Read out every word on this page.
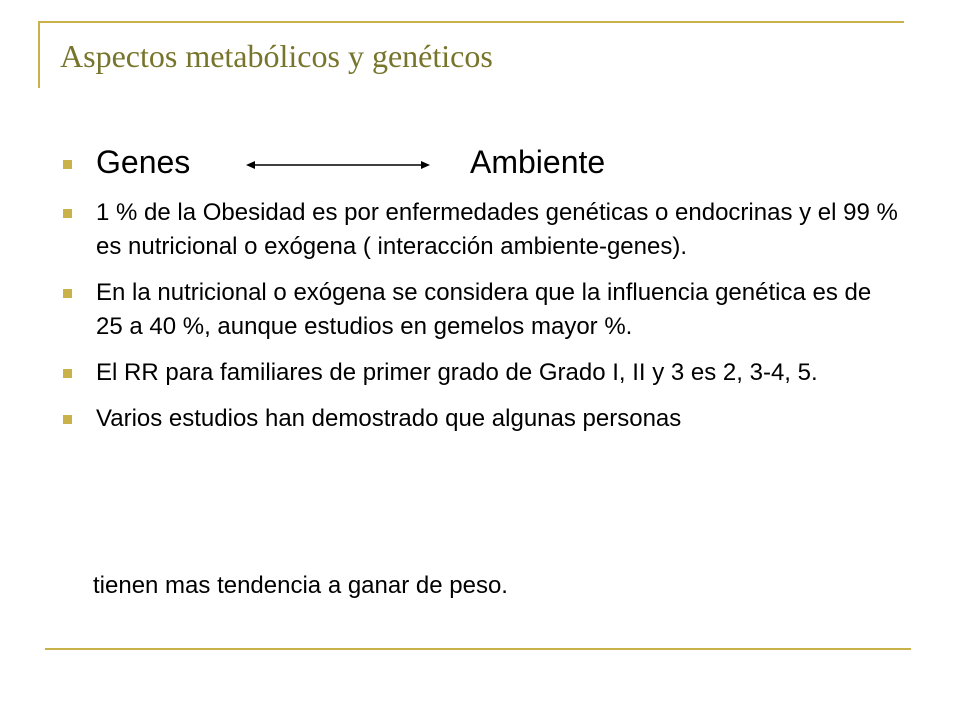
Aspectos metabólicos y genéticos
Genes	Ambiente
1 % de la Obesidad es por enfermedades genéticas o endocrinas y el 99 % es nutricional o exógena ( interacción ambiente-genes).
En la nutricional o exógena se considera que la influencia genética es de 25 a 40 %, aunque estudios en gemelos mayor %.
El RR para familiares de primer grado de Grado I, II y 3 es 2, 3-4, 5.
Varios estudios han demostrado que algunas personas
tienen mas tendencia a ganar de peso.
